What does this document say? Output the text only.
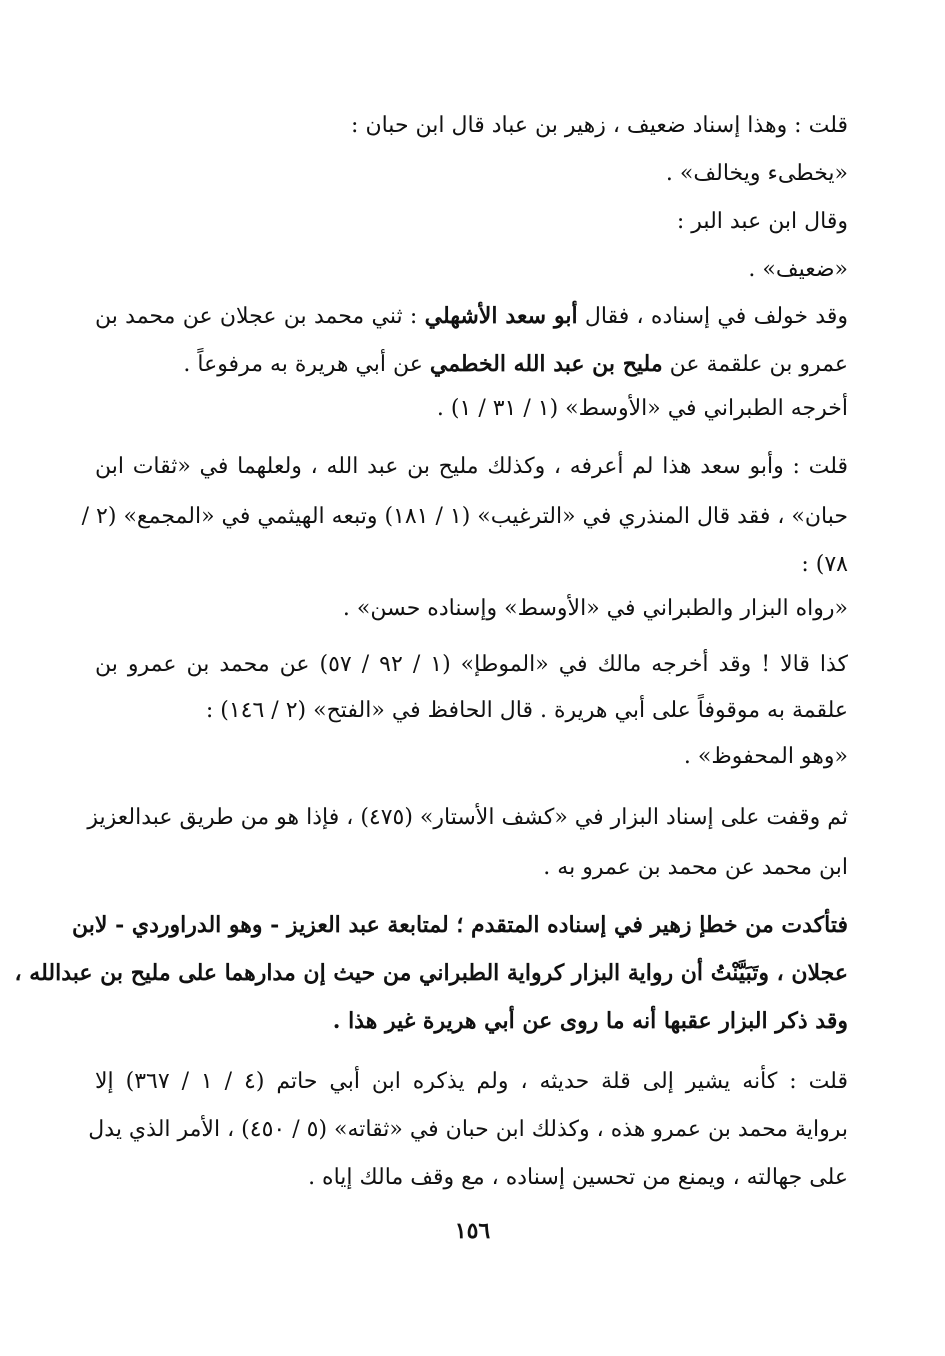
قلت : وهذا إسناد ضعيف ، زهير بن عباد قال ابن حبان :
«يخطىء ويخالف» .
وقال ابن عبد البر :
«ضعيف» .
وقد خولف في إسناده ، فقال أبو سعد الأشهلي : ثني محمد بن عجلان عن محمد بن
عمرو بن علقمة عن مليح بن عبد الله الخطمي عن أبي هريرة به مرفوعاً .
أخرجه الطبراني في «الأوسط» (١ / ٣١ / ١) .
قلت : وأبو سعد هذا لم أعرفه ، وكذلك مليح بن عبد الله ، ولعلهما في «ثقات ابن
حبان» ، فقد قال المنذري في «الترغيب» (١ / ١٨١) وتبعه الهيثمي في «المجمع» (٢ /
٧٨) :
«رواه البزار والطبراني في «الأوسط» وإسناده حسن» .
كذا قالا ! وقد أخرجه مالك في «الموطإ» (١ / ٩٢ / ٥٧) عن محمد بن عمرو بن
علقمة به موقوفاً على أبي هريرة . قال الحافظ في «الفتح» (٢ / ١٤٦) :
«وهو المحفوظ» .
ثم وقفت على إسناد البزار في «كشف الأستار» (٤٧٥) ، فإذا هو من طريق عبدالعزيز
ابن محمد عن محمد بن عمرو به .
فتأكدت من خطإ زهير في إسناده المتقدم ؛ لمتابعة عبد العزيز - وهو الدراوردي - لابن
عجلان ، وتَبَيَّنْتُ أن رواية البزار كرواية الطبراني من حيث إن مدارهما على مليح بن عبدالله ،
وقد ذكر البزار عقبها أنه ما روى عن أبي هريرة غير هذا .
قلت : كأنه يشير إلى قلة حديثه ، ولم يذكره ابن أبي حاتم (٤ / ١ / ٣٦٧) إلا
برواية محمد بن عمرو هذه ، وكذلك ابن حبان في «ثقاته» (٥ / ٤٥٠) ، الأمر الذي يدل
على جهالته ، ويمنع من تحسين إسناده ، مع وقف مالك إياه .
١٥٦
